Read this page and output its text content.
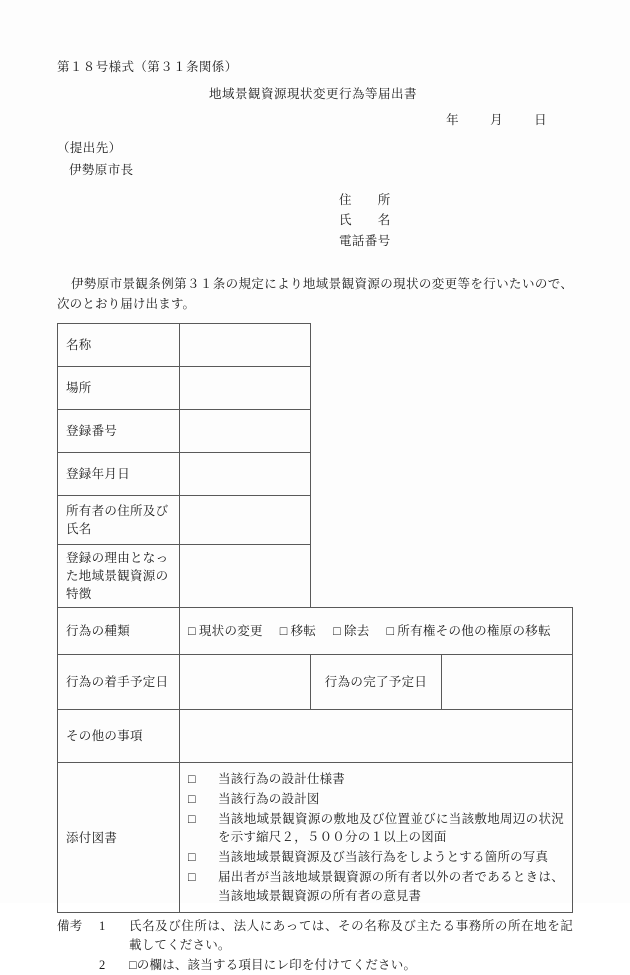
第１８号様式（第３１条関係）
地域景観資源現状変更行為等届出書
年 月 日
（提出先）
伊勢原市長
住　　所
氏　　名
電話番号
伊勢原市景観条例第３１条の規定により地域景観資源の現状の変更等を行いたいので、次のとおり届け出ます。
名称			

場所			

登録番号			

登録年月日			

所有者の住所及び氏名			

登録の理由となった地域景観資源の特徴			

行為の種類	□ 現状の変更 □ 移転 □ 除去 □ 所有権その他の権原の移転		

行為の着手予定日		行為の完了予定日	

その他の事項			

添付図書	
□ 当該行為の設計仕様書
□ 当該行為の設計図
□ 当該地域景観資源の敷地及び位置並びに当該敷地周辺の状況を示す縮尺２，５００分の１以上の図面
□ 当該地域景観資源及び当該行為をしようとする箇所の写真
□ 届出者が当該地域景観資源の所有者以外の者であるときは、当該地域景観資源の所有者の意見書
備考	1	氏名及び住所は、法人にあっては、その名称及び主たる事務所の所在地を記載してください。
2	□の欄は、該当する項目にレ印を付けてください。
